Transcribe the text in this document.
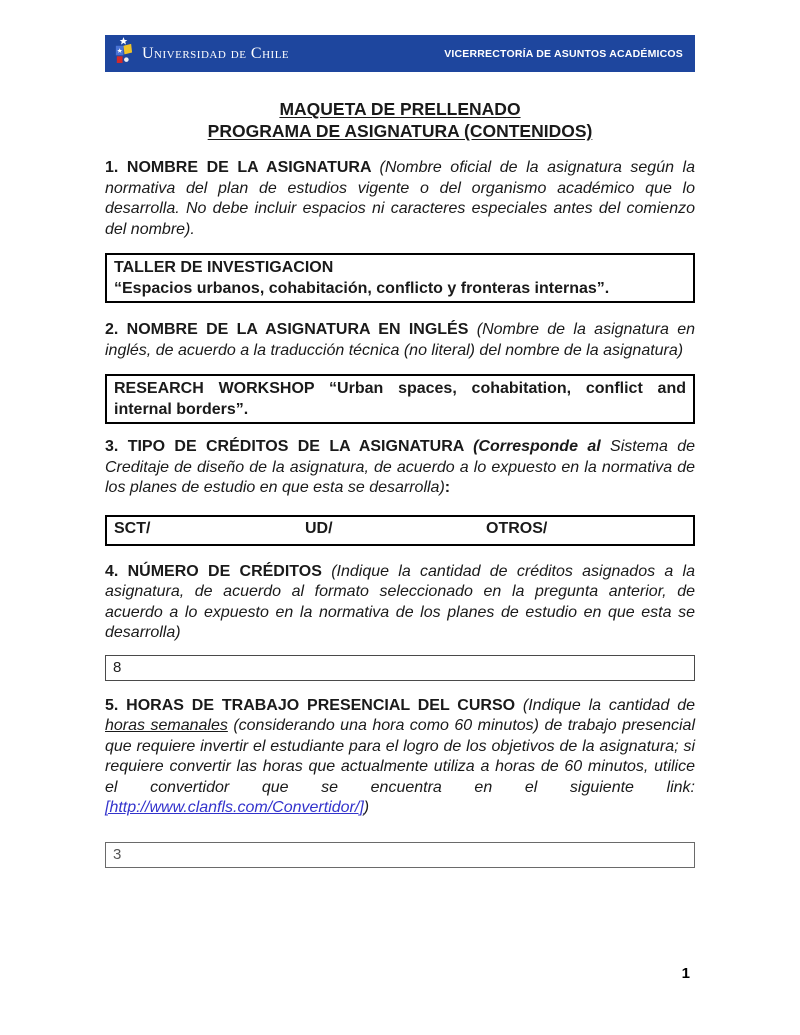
Universidad de Chile	VICERRECTORÍA DE ASUNTOS ACADÉMICOS
MAQUETA DE PRELLENADO
PROGRAMA DE ASIGNATURA (CONTENIDOS)

1. NOMBRE DE LA ASIGNATURA (Nombre oficial de la asignatura según la normativa del plan de estudios vigente o del organismo académico que lo desarrolla. No debe incluir espacios ni caracteres especiales antes del comienzo del nombre).

TALLER DE INVESTIGACION
“Espacios urbanos, cohabitación, conflicto y fronteras internas”.

2. NOMBRE DE LA ASIGNATURA EN INGLÉS (Nombre de la asignatura en inglés, de acuerdo a la traducción técnica (no literal) del nombre de la asignatura)

RESEARCH WORKSHOP “Urban spaces, cohabitation, conflict and internal borders”.

3. TIPO DE CRÉDITOS DE LA ASIGNATURA (Corresponde al Sistema de Creditaje de diseño de la asignatura, de acuerdo a lo expuesto en la normativa de los planes de estudio en que esta se desarrolla):

SCT/	UD/	OTROS/

4. NÚMERO DE CRÉDITOS (Indique la cantidad de créditos asignados a la asignatura, de acuerdo al formato seleccionado en la pregunta anterior, de acuerdo a lo expuesto en la normativa de los planes de estudio en que esta se desarrolla)

8

5. HORAS DE TRABAJO PRESENCIAL DEL CURSO (Indique la cantidad de horas semanales (considerando una hora como 60 minutos) de trabajo presencial que requiere invertir el estudiante para el logro de los objetivos de la asignatura; si requiere convertir las horas que actualmente utiliza a horas de 60 minutos, utilice el convertidor que se encuentra en el siguiente link: [http://www.clanfls.com/Convertidor/])

3
1
